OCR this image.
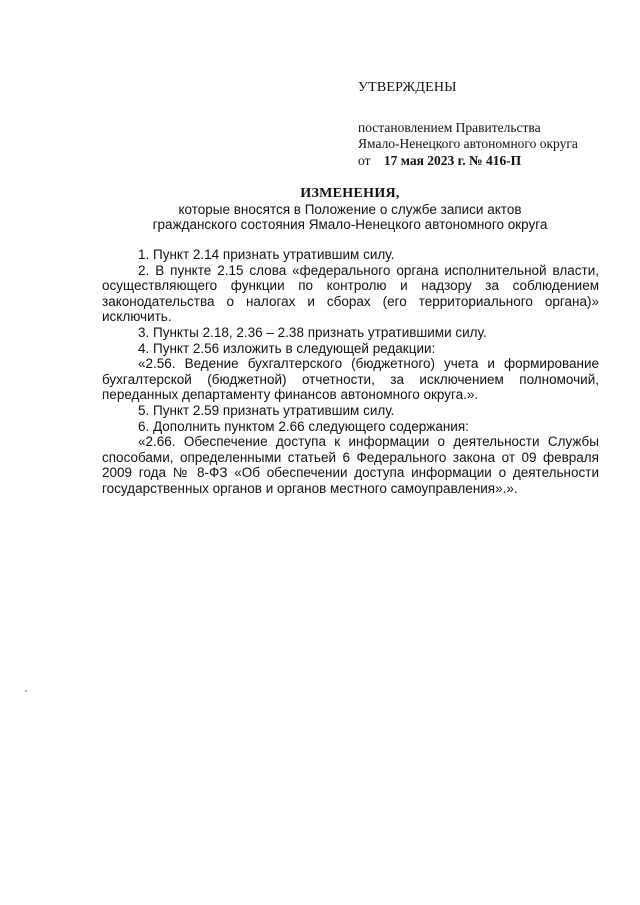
УТВЕРЖДЕНЫ
постановлением Правительства
Ямало-Ненецкого автономного округа
от 17 мая 2023 г. № 416-П
ИЗМЕНЕНИЯ,
которые вносятся в Положение о службе записи актов
гражданского состояния Ямало-Ненецкого автономного округа

1. Пункт 2.14 признать утратившим силу.

2. В пункте 2.15 слова «федерального органа исполнительной власти, осуществляющего функции по контролю и надзору за соблюдением законодательства о налогах и сборах (его территориального органа)» исключить.

3. Пункты 2.18, 2.36 – 2.38 признать утратившими силу.

4. Пункт 2.56 изложить в следующей редакции:

«2.56. Ведение бухгалтерского (бюджетного) учета и формирование бухгалтерской (бюджетной) отчетности, за исключением полномочий, переданных департаменту финансов автономного округа.».

5. Пункт 2.59 признать утратившим силу.

6. Дополнить пунктом 2.66 следующего содержания:

«2.66. Обеспечение доступа к информации о деятельности Службы способами, определенными статьей 6 Федерального закона от 09 февраля 2009 года № 8-ФЗ «Об обеспечении доступа информации о деятельности государственных органов и органов местного самоуправления».».
